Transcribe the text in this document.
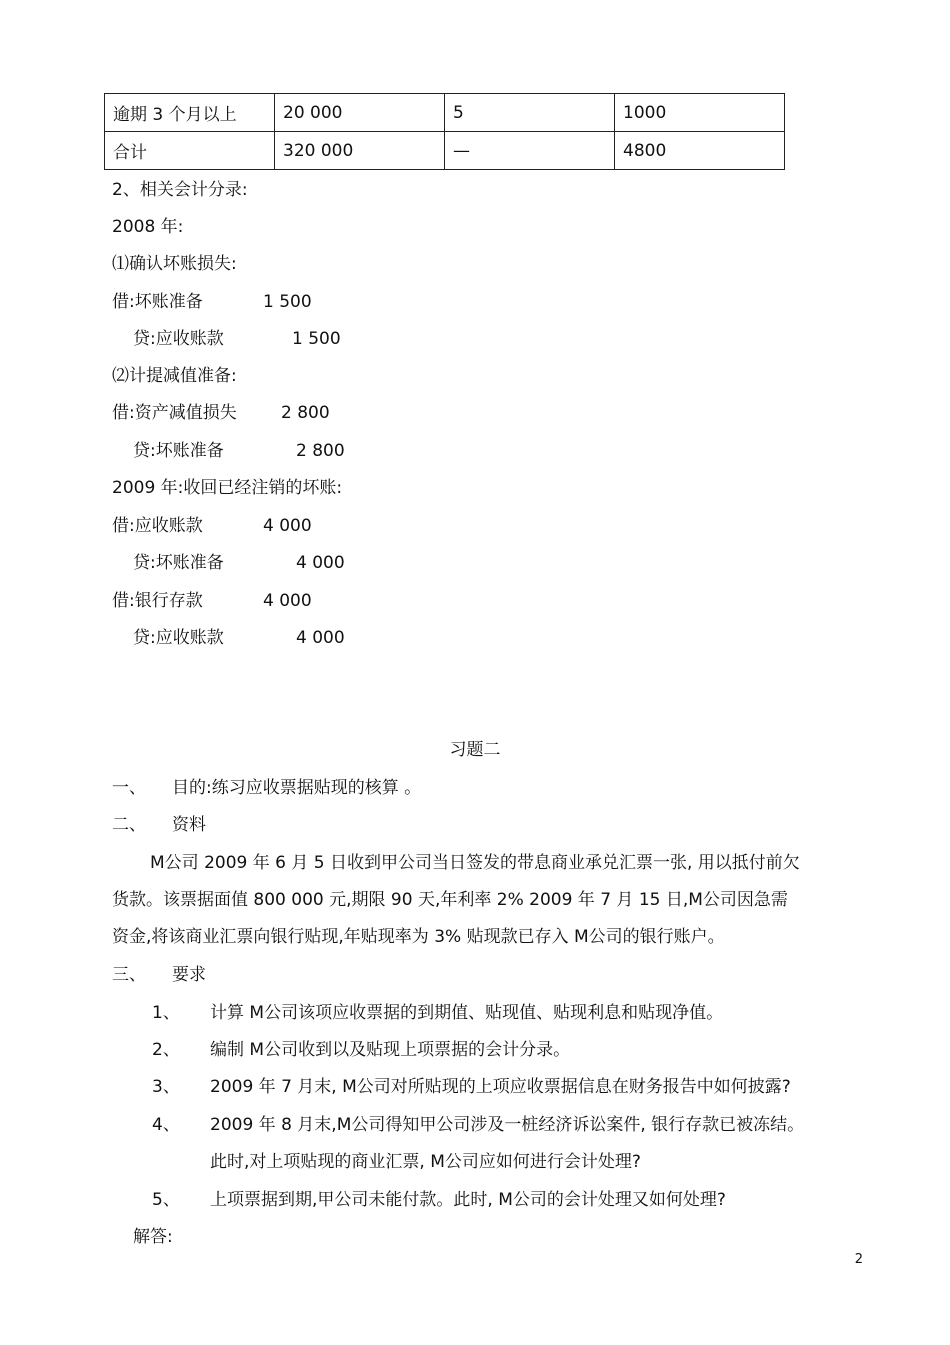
逾期 3 个月以上	20 000	5	1000
合计	320 000	—	4800
2、相关会计分录:
2008 年:
⑴确认坏账损失:
借:坏账准备	1 500
贷:应收账款	1 500
⑵计提减值准备:
借:资产减值损失	2 800
贷:坏账准备	2 800
2009 年:收回已经注销的坏账:
借:应收账款	4 000
贷:坏账准备	4 000
借:银行存款	4 000
贷:应收账款	4 000
习题二
一、 目的:练习应收票据贴现的核算 。
二、 资料
M公司 2009 年 6 月 5 日收到甲公司当日签发的带息商业承兑汇票一张, 用以抵付前欠
货款。该票据面值 800 000 元,期限 90 天,年利率 2% 2009 年 7 月 15 日,M公司因急需
资金,将该商业汇票向银行贴现,年贴现率为 3% 贴现款已存入 M公司的银行账户。
三、 要求
1、 计算 M公司该项应收票据的到期值、贴现值、贴现利息和贴现净值。
2、 编制 M公司收到以及贴现上项票据的会计分录。
3、 2009 年 7 月末, M公司对所贴现的上项应收票据信息在财务报告中如何披露?
4、 2009 年 8 月末,M公司得知甲公司涉及一桩经济诉讼案件, 银行存款已被冻结。
此时,对上项贴现的商业汇票, M公司应如何进行会计处理?
5、 上项票据到期,甲公司未能付款。此时, M公司的会计处理又如何处理?
解答:
2
